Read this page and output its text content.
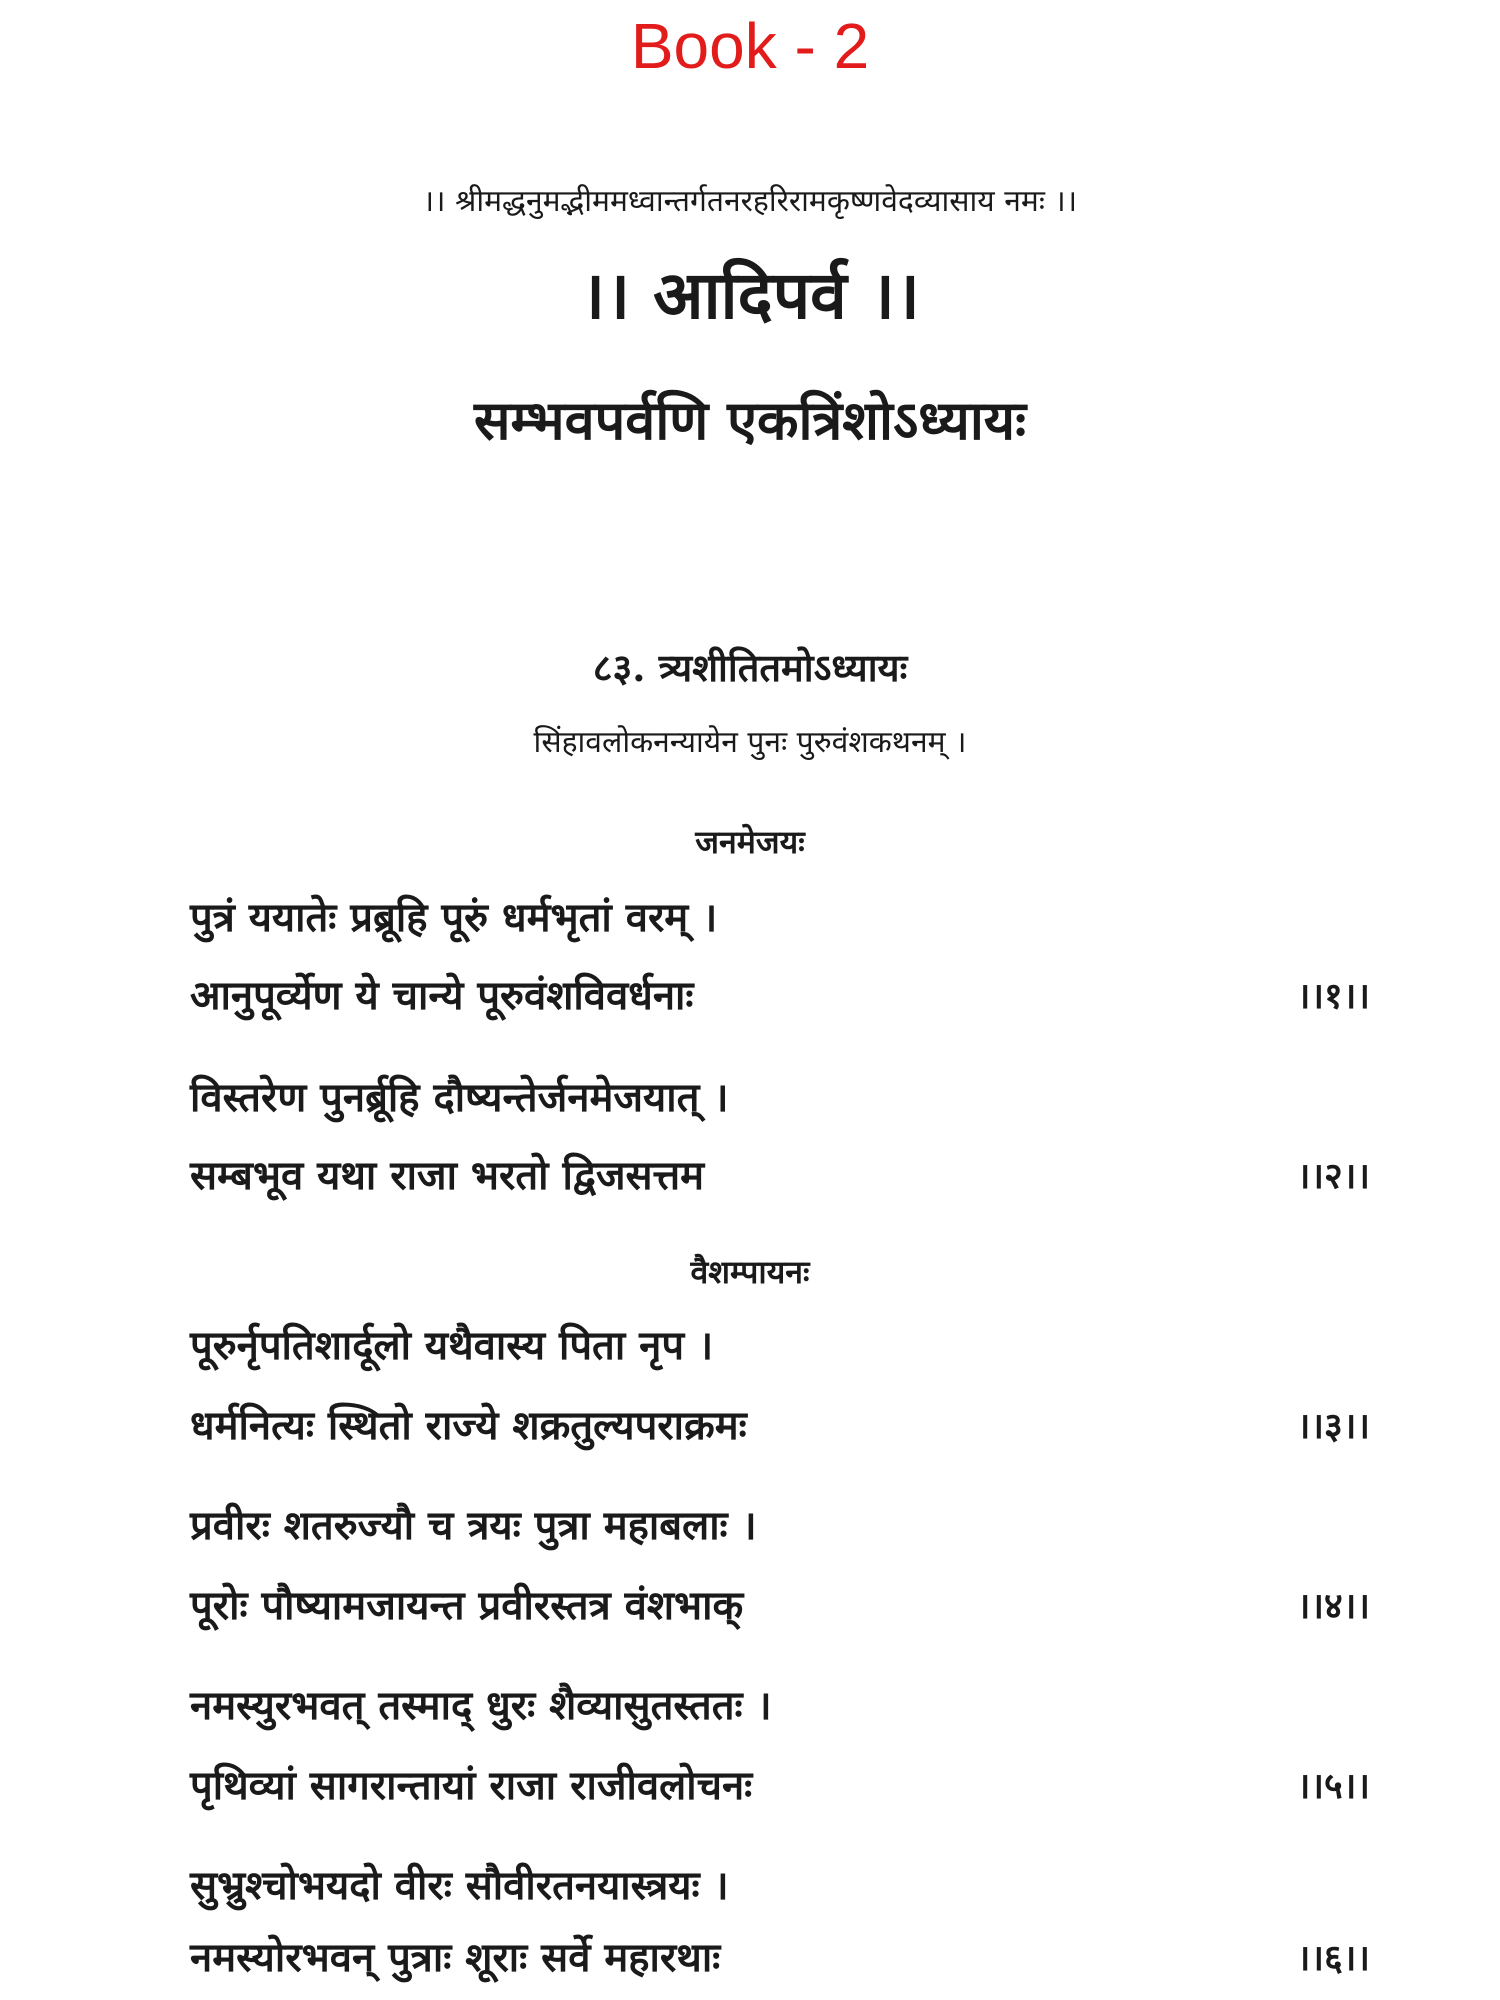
Book - 2
।। श्रीमद्धनुमद्भीममध्वान्तर्गतनरहरिरामकृष्णवेदव्यासाय नमः ।।
।। आदिपर्व ।।
सम्भवपर्वणि एकत्रिंशोऽध्यायः
८३. त्र्यशीतितमोऽध्यायः
सिंहावलोकनन्यायेन पुनः पुरुवंशकथनम् ।
जनमेजयः
पुत्रं ययातेः प्रब्रूहि पूरुं धर्मभृतां वरम् ।
आनुपूर्व्येण ये चान्ये पूरुवंशविवर्धनाः	।।१।।
विस्तरेण पुनर्ब्रूहि दौष्यन्तेर्जनमेजयात् ।
सम्बभूव यथा राजा भरतो द्विजसत्तम	।।२।।
वैशम्पायनः
पूरुर्नृपतिशार्दूलो यथैवास्य पिता नृप ।
धर्मनित्यः स्थितो राज्ये शक्रतुल्यपराक्रमः	।।३।।
प्रवीरः शतरुज्यौ च त्रयः पुत्रा महाबलाः ।
पूरोः पौष्यामजायन्त प्रवीरस्तत्र वंशभाक्	।।४।।
नमस्युरभवत् तस्माद् धुरः शैव्यासुतस्ततः ।
पृथिव्यां सागरान्तायां राजा राजीवलोचनः	।।५।।
सुभ्रुश्चोभयदो वीरः सौवीरतनयास्त्रयः ।
नमस्योरभवन् पुत्राः शूराः सर्वे महारथाः	।।६।।
